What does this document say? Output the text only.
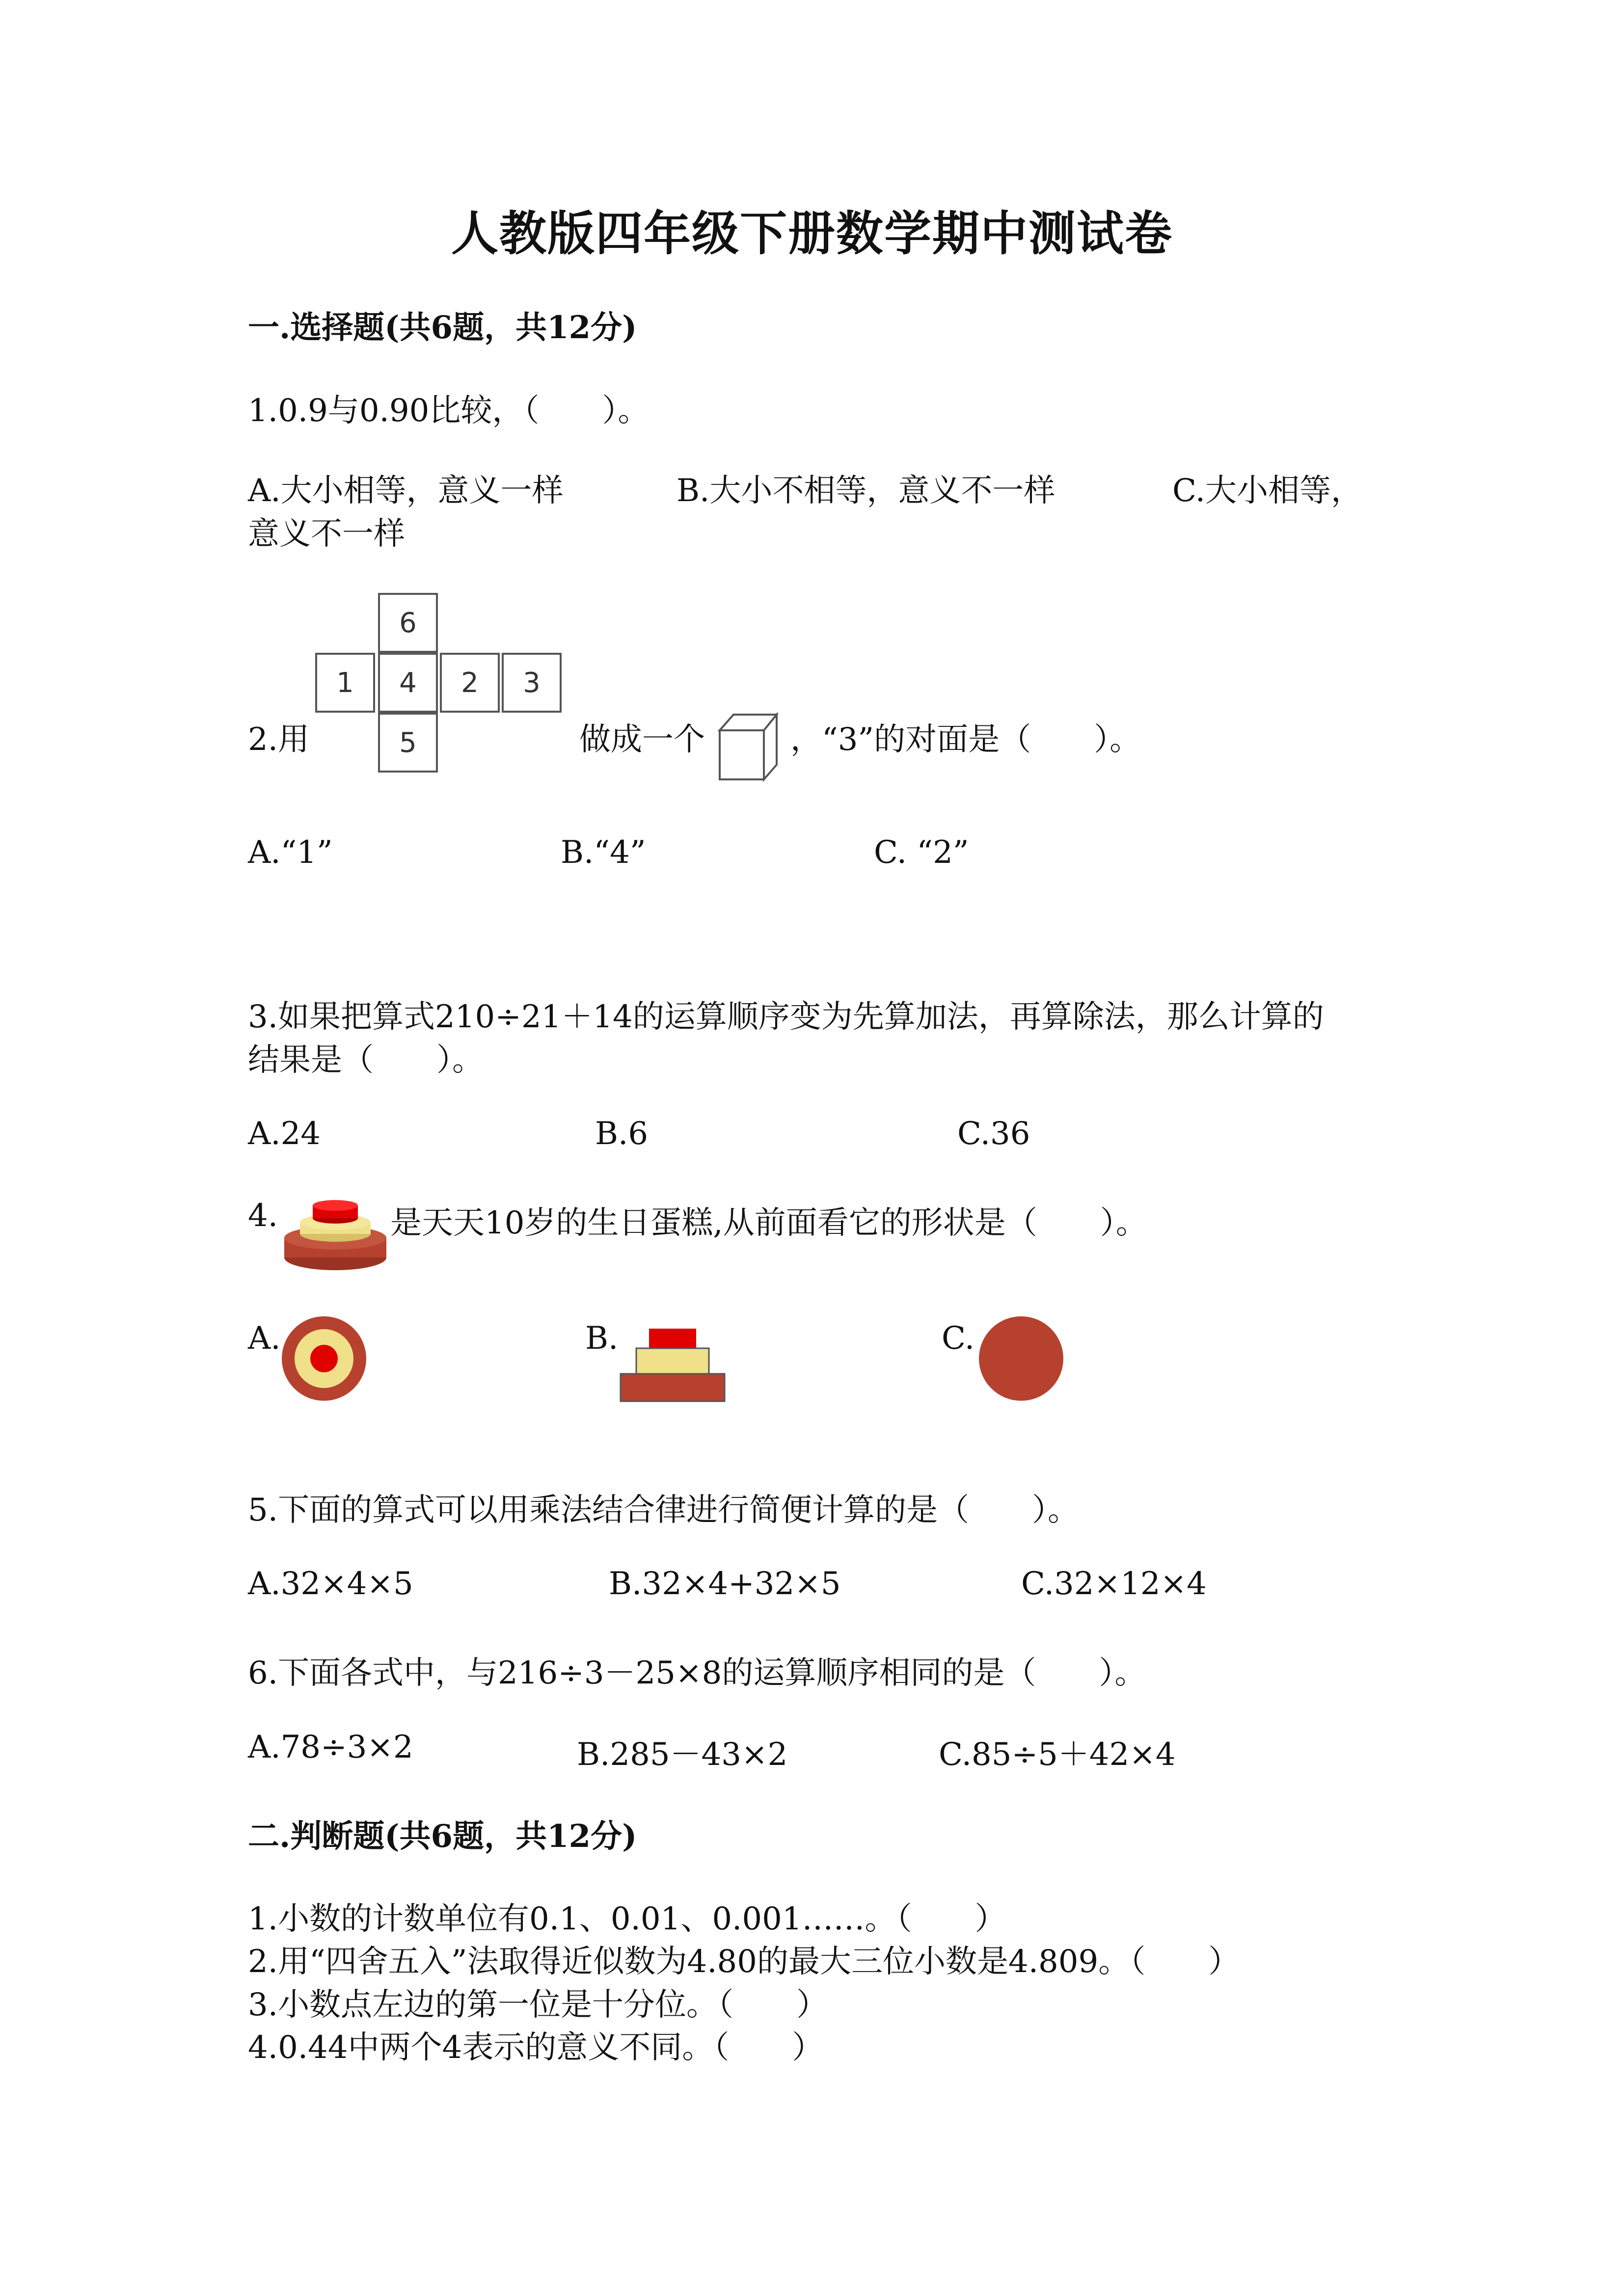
人教版四年级下册数学期中测试卷
一.选择题(共6题，共12分)
1.0.9与0.90比较，（　　）。
A.大小相等，意义一样	B.大小不相等，意义不一样	C.大小相等，
意义不一样
2.用
6
1	4	2	3
5	做成一个	，“3”的对面是（　　）。
A.“1”	B.“4”	C. “2”
3.如果把算式210÷21＋14的运算顺序变为先算加法，再算除法，那么计算的
结果是（　　）。
A.24	B.6	C.36
4.	是天天10岁的生日蛋糕,从前面看它的形状是（　　）。
A.	B.	C.
5.下面的算式可以用乘法结合律进行简便计算的是（　　）。
A.32×4×5	B.32×4+32×5	C.32×12×4
6.下面各式中，与216÷3－25×8的运算顺序相同的是（　　）。
A.78÷3×2	B.285－43×2	C.85÷5＋42×4
二.判断题(共6题，共12分)
1.小数的计数单位有0.1、0.01、0.001……。（　　）
2.用“四舍五入”法取得近似数为4.80的最大三位小数是4.809。（　　）
3.小数点左边的第一位是十分位。（　　）
4.0.44中两个4表示的意义不同。（　　）
